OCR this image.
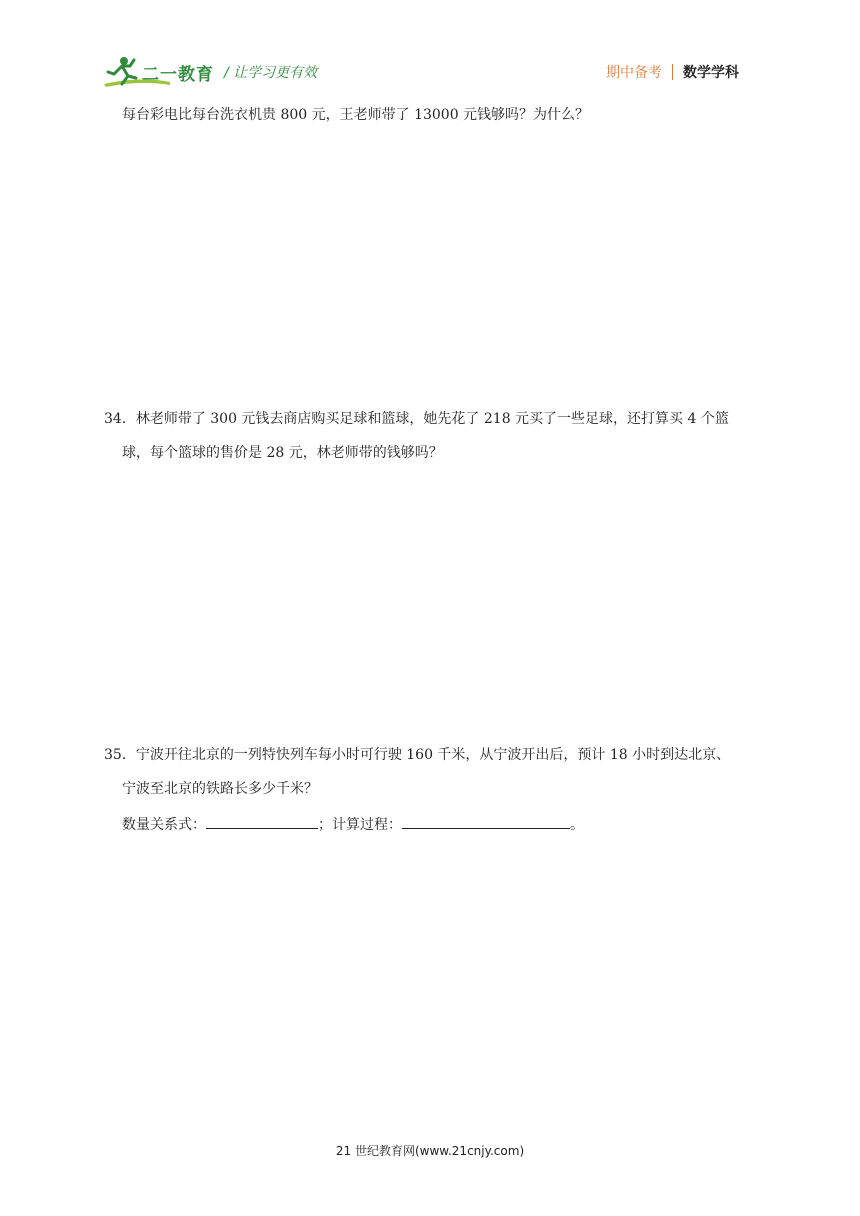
二一教育 / 让学习更有效	期中备考 数学学科
每台彩电比每台洗衣机贵 800 元，王老师带了 13000 元钱够吗？为什么？
34．林老师带了 300 元钱去商店购买足球和篮球，她先花了 218 元买了一些足球，还打算买 4 个篮
球，每个篮球的售价是 28 元，林老师带的钱够吗？
35．宁波开往北京的一列特快列车每小时可行驶 160 千米，从宁波开出后，预计 18 小时到达北京、
宁波至北京的铁路长多少千米？
数量关系式：	；计算过程：	。
21 世纪教育网(www.21cnjy.com)
